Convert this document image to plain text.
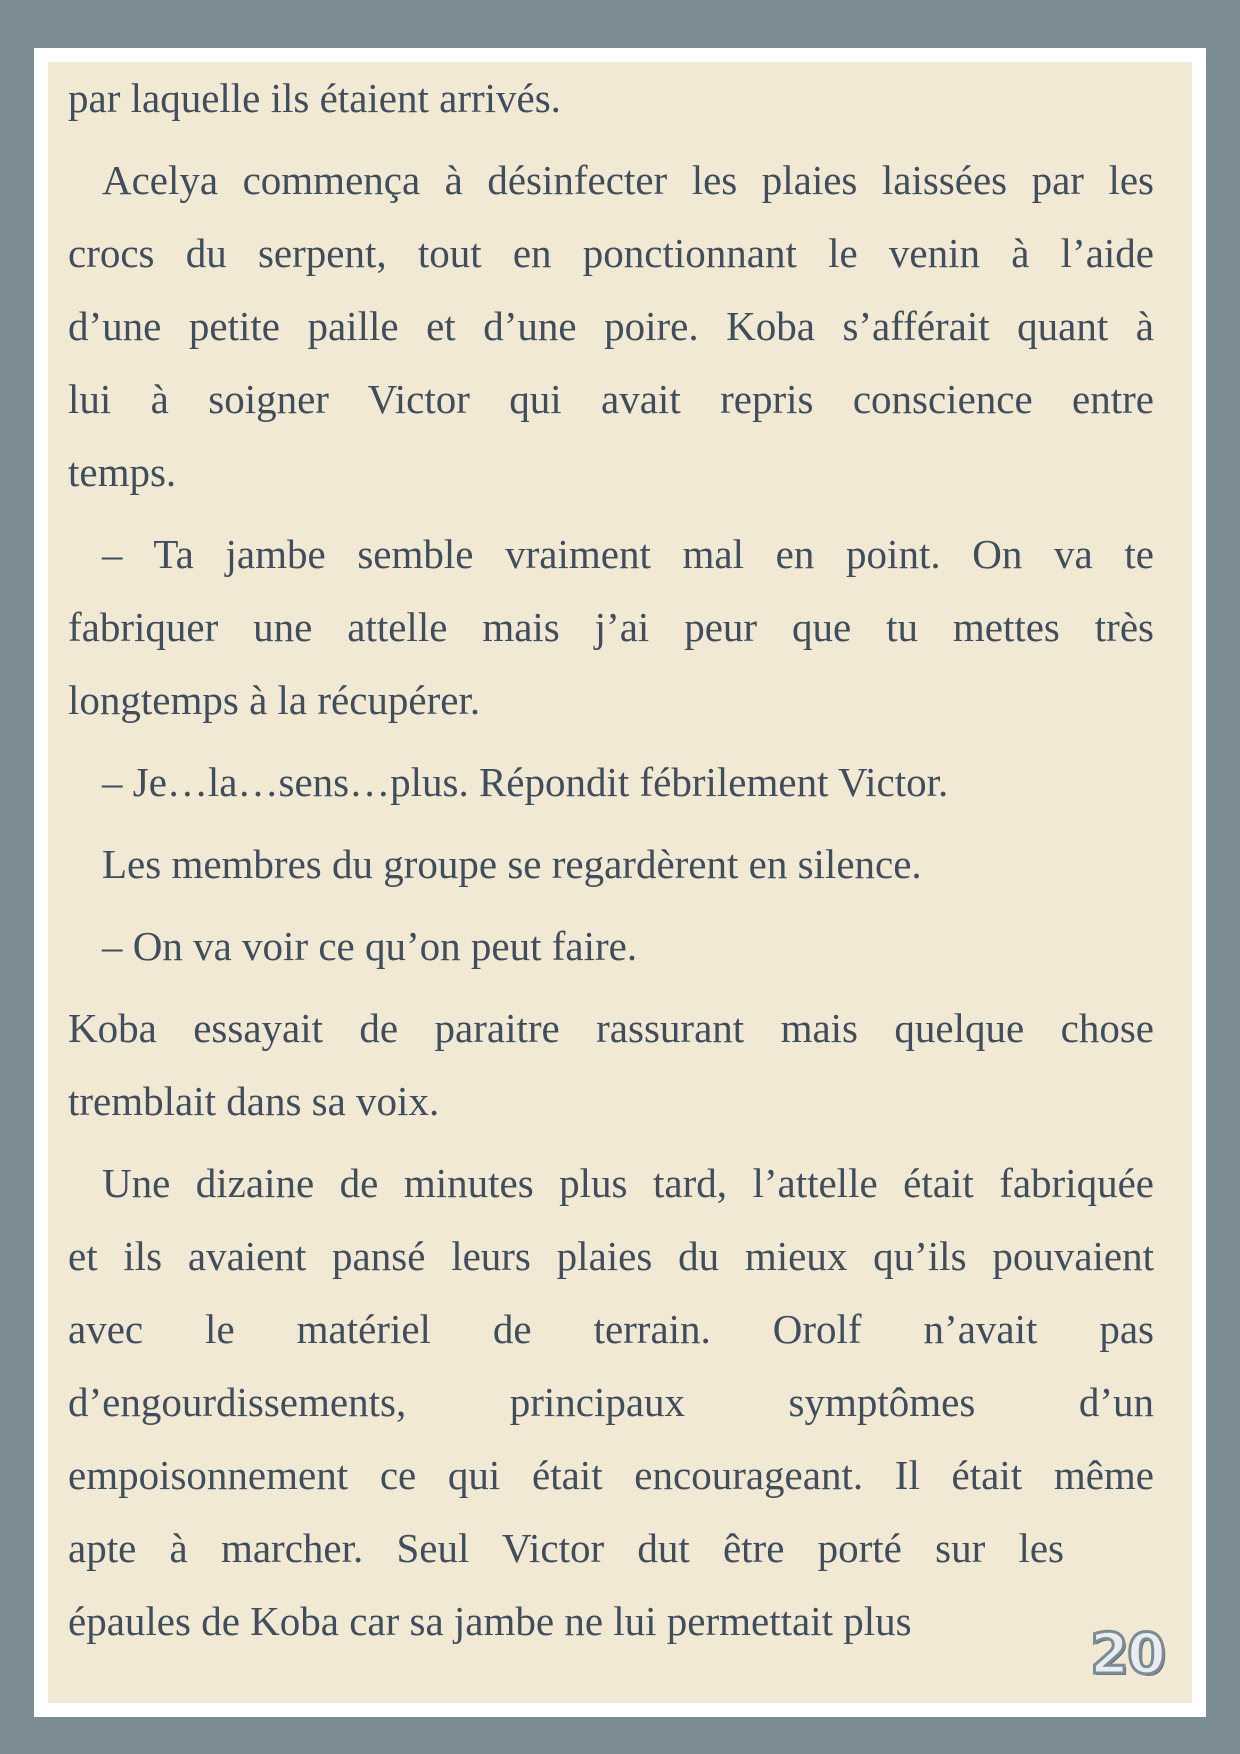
par laquelle ils étaient arrivés.
Acelya commença à désinfecter les plaies laissées par les
crocs du serpent, tout en ponctionnant le venin à l’aide
d’une petite paille et d’une poire. Koba s’afférait quant à
lui à soigner Victor qui avait repris conscience entre
temps.
– Ta jambe semble vraiment mal en point. On va te
fabriquer une attelle mais j’ai peur que tu mettes très
longtemps à la récupérer.
– Je…la…sens…plus. Répondit fébrilement Victor.
Les membres du groupe se regardèrent en silence.
– On va voir ce qu’on peut faire.
Koba essayait de paraitre rassurant mais quelque chose
tremblait dans sa voix.
Une dizaine de minutes plus tard, l’attelle était fabriquée
et ils avaient pansé leurs plaies du mieux qu’ils pouvaient
avec le matériel de terrain. Orolf n’avait pas
d’engourdissements, principaux symptômes d’un
empoisonnement ce qui était encourageant. Il était même
apte à marcher. Seul Victor dut être porté sur les
épaules de Koba car sa jambe ne lui permettait plus
20
